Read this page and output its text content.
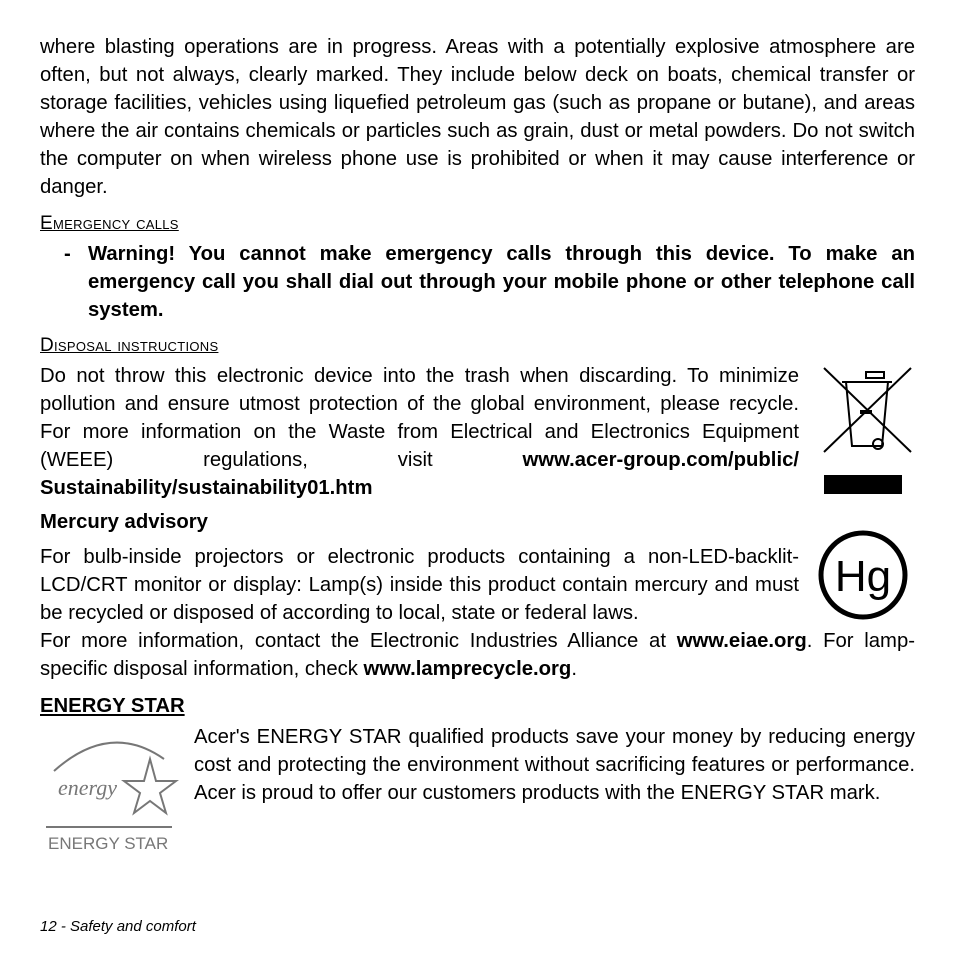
where blasting operations are in progress. Areas with a potentially explosive atmosphere are often, but not always, clearly marked. They include below deck on boats, chemical transfer or storage facilities, vehicles using liquefied petroleum gas (such as propane or butane), and areas where the air contains chemicals or particles such as grain, dust or metal powders. Do not switch the computer on when wireless phone use is prohibited or when it may cause interference or danger.

Emergency calls
- Warning! You cannot make emergency calls through this device. To make an emergency call you shall dial out through your mobile phone or other telephone call system.

Disposal instructions

Do not throw this electronic device into the trash when discarding. To minimize pollution and ensure utmost protection of the global environment, please recycle. For more information on the Waste from Electrical and Electronics Equipment (WEEE) regulations, visit www.acer-group.com/public/ Sustainability/sustainability01.htm

Mercury advisory

For bulb-inside projectors or electronic products containing a non-LED-backlit-LCD/CRT monitor or display: Lamp(s) inside this product contain mercury and must be recycled or disposed of according to local, state or federal laws.

Hg

For more information, contact the Electronic Industries Alliance at www.eiae.org. For lamp-specific disposal information, check www.lamprecycle.org.

ENERGY STAR
energy
ENERGY STAR

Acer's ENERGY STAR qualified products save your money by reducing energy cost and protecting the environment without sacrificing features or performance. Acer is proud to offer our customers products with the ENERGY STAR mark.

12 - Safety and comfort
